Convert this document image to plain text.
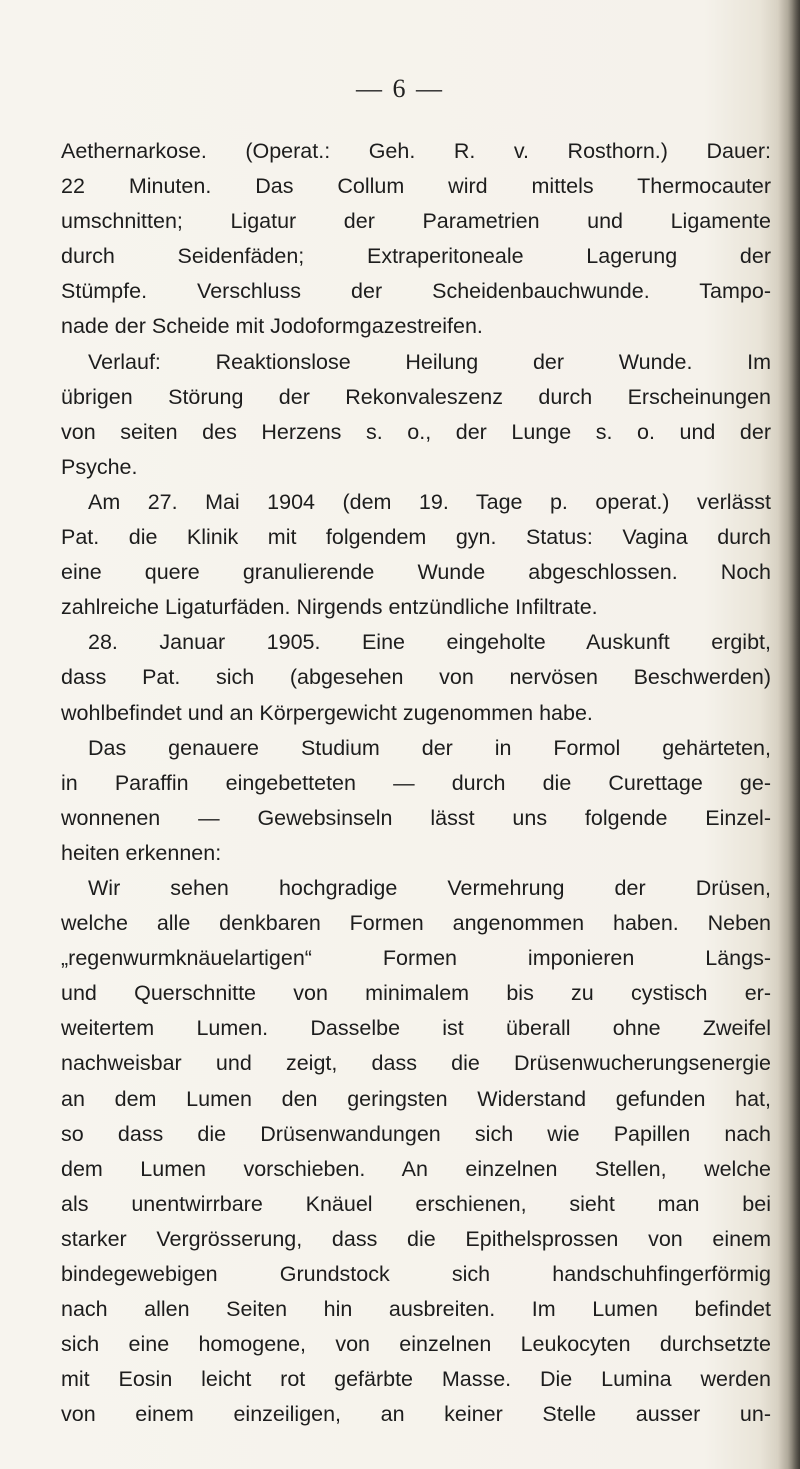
— 6 —
Aethernarkose. (Operat.: Geh. R. v. Rosthorn.) Dauer:
22 Minuten. Das Collum wird mittels Thermocauter
umschnitten; Ligatur der Parametrien und Ligamente
durch Seidenfäden; Extraperitoneale Lagerung der
Stümpfe. Verschluss der Scheidenbauchwunde. Tampo-
nade der Scheide mit Jodoformgazestreifen.
Verlauf: Reaktionslose Heilung der Wunde. Im
übrigen Störung der Rekonvaleszenz durch Erscheinungen
von seiten des Herzens s. o., der Lunge s. o. und der
Psyche.
Am 27. Mai 1904 (dem 19. Tage p. operat.) verlässt
Pat. die Klinik mit folgendem gyn. Status: Vagina durch
eine quere granulierende Wunde abgeschlossen. Noch
zahlreiche Ligaturfäden. Nirgends entzündliche Infiltrate.
28. Januar 1905. Eine eingeholte Auskunft ergibt,
dass Pat. sich (abgesehen von nervösen Beschwerden)
wohlbefindet und an Körpergewicht zugenommen habe.
Das genauere Studium der in Formol gehärteten,
in Paraffin eingebetteten — durch die Curettage ge-
wonnenen — Gewebsinseln lässt uns folgende Einzel-
heiten erkennen:
Wir sehen hochgradige Vermehrung der Drüsen,
welche alle denkbaren Formen angenommen haben. Neben
„regenwurmknäuelartigen“ Formen imponieren Längs-
und Querschnitte von minimalem bis zu cystisch er-
weitertem Lumen. Dasselbe ist überall ohne Zweifel
nachweisbar und zeigt, dass die Drüsenwucherungsenergie
an dem Lumen den geringsten Widerstand gefunden hat,
so dass die Drüsenwandungen sich wie Papillen nach
dem Lumen vorschieben. An einzelnen Stellen, welche
als unentwirrbare Knäuel erschienen, sieht man bei
starker Vergrösserung, dass die Epithelsprossen von einem
bindegewebigen Grundstock sich handschuhfingerförmig
nach allen Seiten hin ausbreiten. Im Lumen befindet
sich eine homogene, von einzelnen Leukocyten durchsetzte
mit Eosin leicht rot gefärbte Masse. Die Lumina werden
von einem einzeiligen, an keiner Stelle ausser un-
